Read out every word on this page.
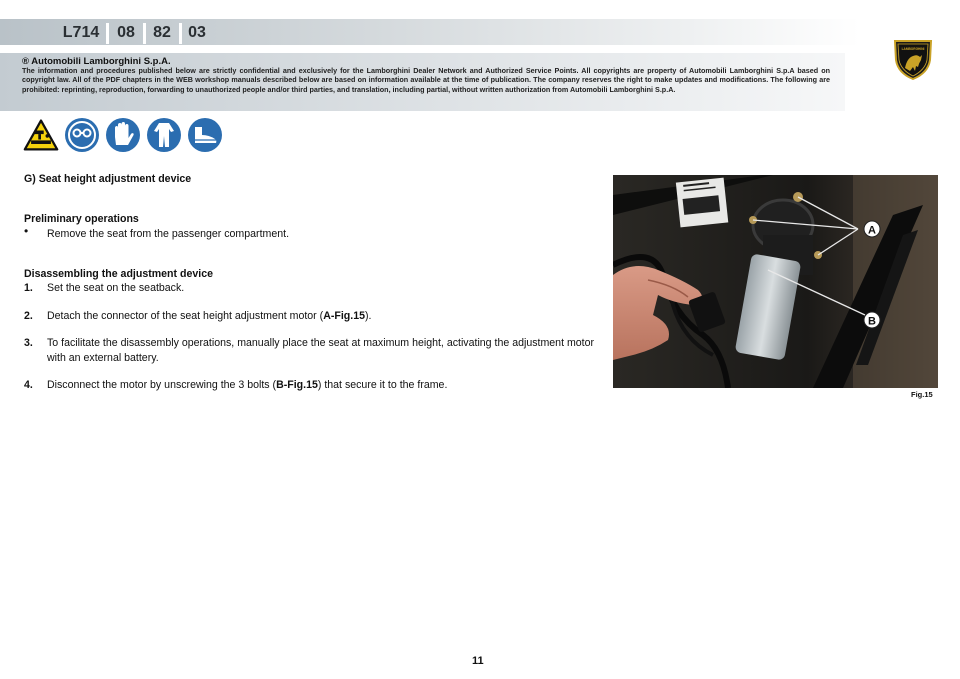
L714	08	82	03
® Automobili Lamborghini S.p.A.
The information and procedures published below are strictly confidential and exclusively for the Lamborghini Dealer Network and Authorized Service Points. All copyrights are property of Automobili Lamborghini S.p.A based on copyright law. All of the PDF chapters in the WEB workshop manuals described below are based on information available at the time of publication. The company reserves the right to make updates and modifications. The following are prohibited: reprinting, reproduction, forwarding to unauthorized people and/or third parties, and translation, including partial, without written authorization from Automobili Lamborghini S.p.A.
LAMBORGHINI
G) Seat height adjustment device
Preliminary operations
• Remove the seat from the passenger compartment.
Disassembling the adjustment device
1. Set the seat on the seatback.
2. Detach the connector of the seat height adjustment motor (A-Fig.15).
3. To facilitate the disassembly operations, manually place the seat at maximum height, activating the adjustment motor with an external battery.
4. Disconnect the motor by unscrewing the 3 bolts (B-Fig.15) that secure it to the frame.
A
B
Fig.15
11
